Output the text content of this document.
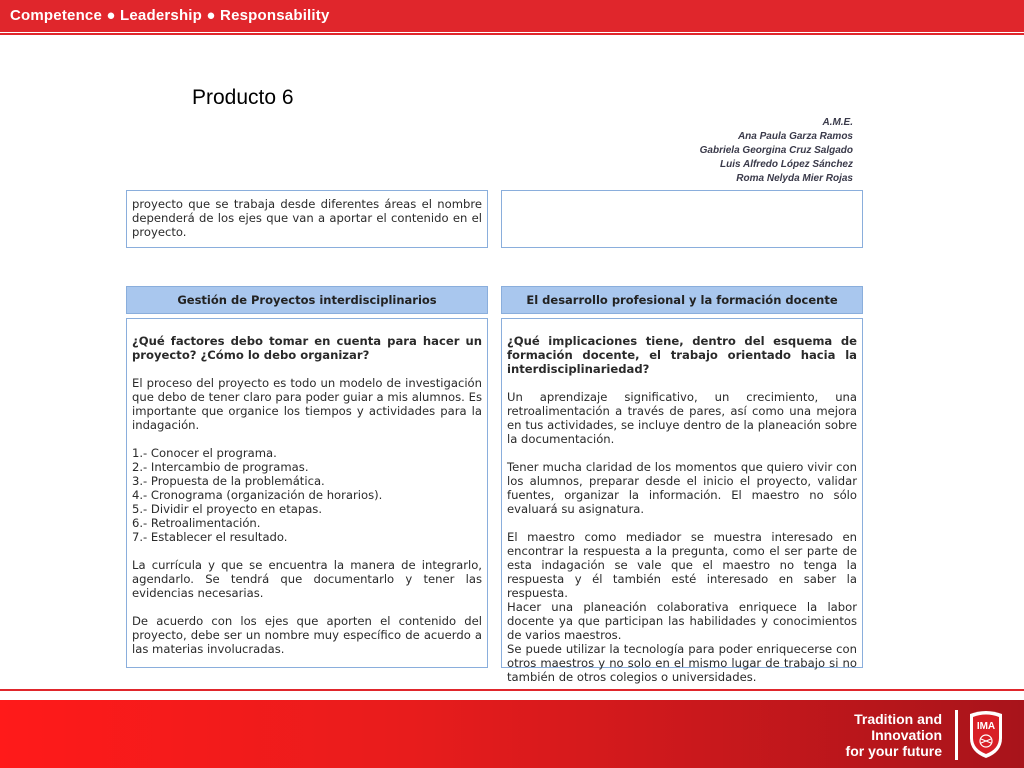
Competence ● Leadership ● Responsability
Producto 6
A.M.E.
Ana Paula Garza Ramos
Gabriela Georgina Cruz Salgado
Luis Alfredo López Sánchez
Roma Nelyda Mier Rojas
proyecto que se trabaja desde diferentes áreas el nombre dependerá de los ejes que van a aportar el contenido en el proyecto.
Gestión de Proyectos interdisciplinarios	El desarrollo profesional y la formación docente

¿Qué factores debo tomar en cuenta para hacer un proyecto? ¿Cómo lo debo organizar?

El proceso del proyecto es todo un modelo de investigación que debo de tener claro para poder guiar a mis alumnos. Es importante que organice los tiempos y actividades para la indagación.

1.- Conocer el programa.
2.- Intercambio de programas.
3.- Propuesta de la problemática.
4.- Cronograma (organización de horarios).
5.- Dividir el proyecto en etapas.
6.- Retroalimentación.
7.- Establecer el resultado.

La currícula y que se encuentra la manera de integrarlo, agendarlo. Se tendrá que documentarlo y tener las evidencias necesarias.

De acuerdo con los ejes que aporten el contenido del proyecto, debe ser un nombre muy específico de acuerdo a las materias involucradas.

¿Qué implicaciones tiene, dentro del esquema de formación docente, el trabajo orientado hacia la interdisciplinariedad?

Un aprendizaje significativo, un crecimiento, una retroalimentación a través de pares, así como una mejora en tus actividades, se incluye dentro de la planeación sobre la documentación.

Tener mucha claridad de los momentos que quiero vivir con los alumnos, preparar desde el inicio el proyecto, validar fuentes, organizar la información. El maestro no sólo evaluará su asignatura.

El maestro como mediador se muestra interesado en encontrar la respuesta a la pregunta, como el ser parte de esta indagación se vale que el maestro no tenga la respuesta y él también esté interesado en saber la respuesta.

Hacer una planeación colaborativa enriquece la labor docente ya que participan las habilidades y conocimientos de varios maestros.

Se puede utilizar la tecnología para poder enriquecerse con otros maestros y no solo en el mismo lugar de trabajo si no también de otros colegios o universidades.

Tradition and
Innovation
for your future
IMA
